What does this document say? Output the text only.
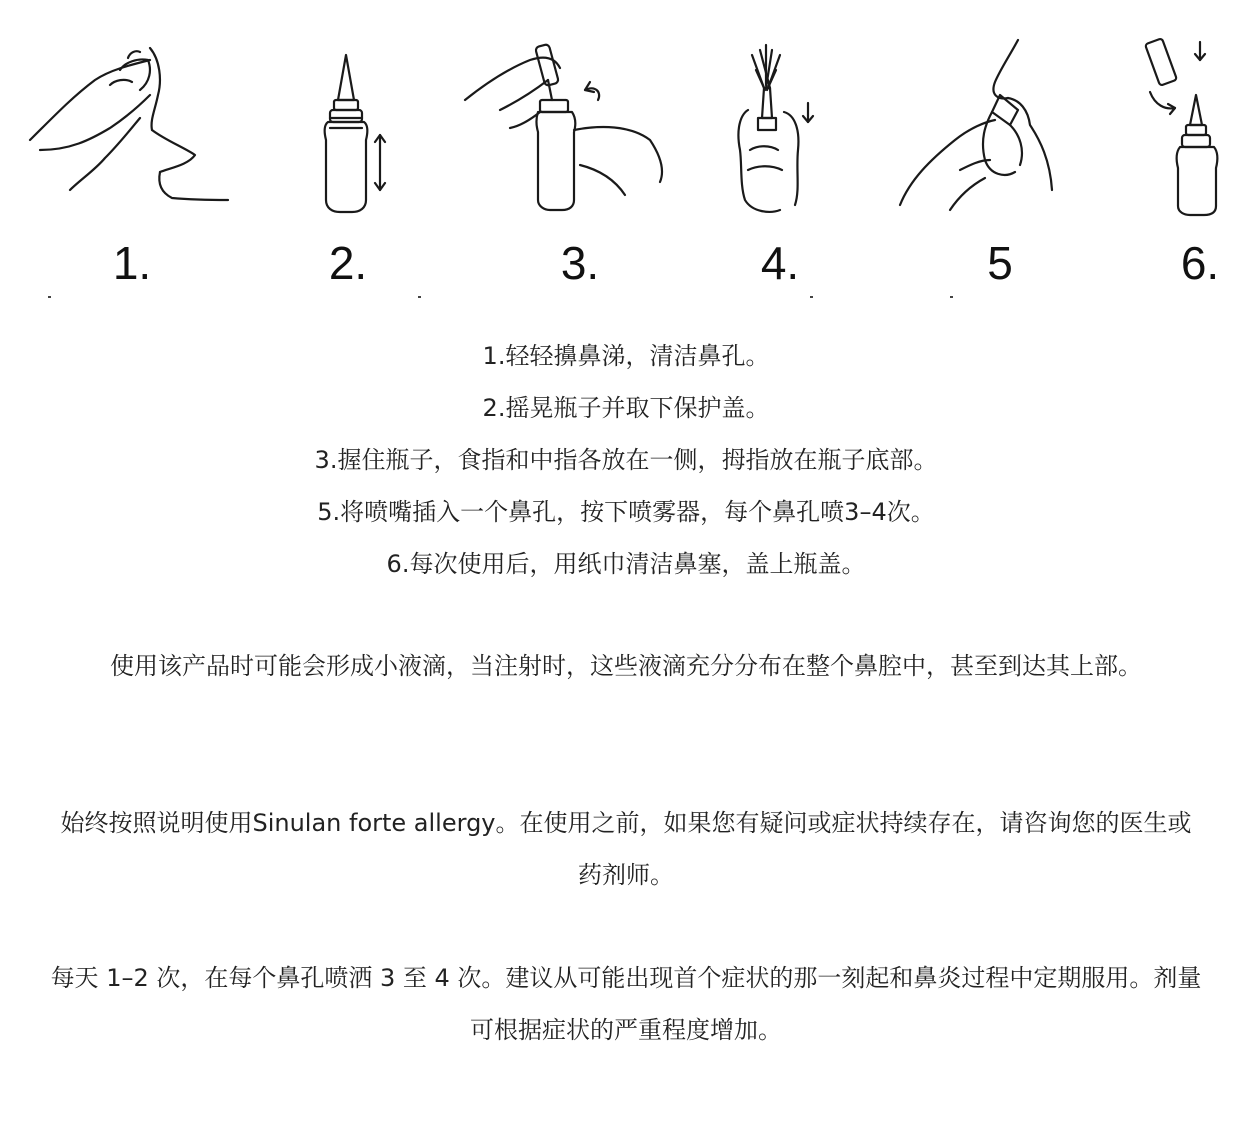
1.	2.	3.	4.	5	6.
1.轻轻擤鼻涕，清洁鼻孔。
2.摇晃瓶子并取下保护盖。
3.握住瓶子，食指和中指各放在一侧，拇指放在瓶子底部。
5.将喷嘴插入一个鼻孔，按下喷雾器，每个鼻孔喷3–4次。
6.每次使用后，用纸巾清洁鼻塞，盖上瓶盖。

使用该产品时可能会形成小液滴，当注射时，这些液滴充分分布在整个鼻腔中，甚至到达其上部。

始终按照说明使用Sinulan forte allergy。在使用之前，如果您有疑问或症状持续存在，请咨询您的医生或药剂师。

每天 1–2 次，在每个鼻孔喷洒 3 至 4 次。建议从可能出现首个症状的那一刻起和鼻炎过程中定期服用。剂量可根据症状的严重程度增加。
